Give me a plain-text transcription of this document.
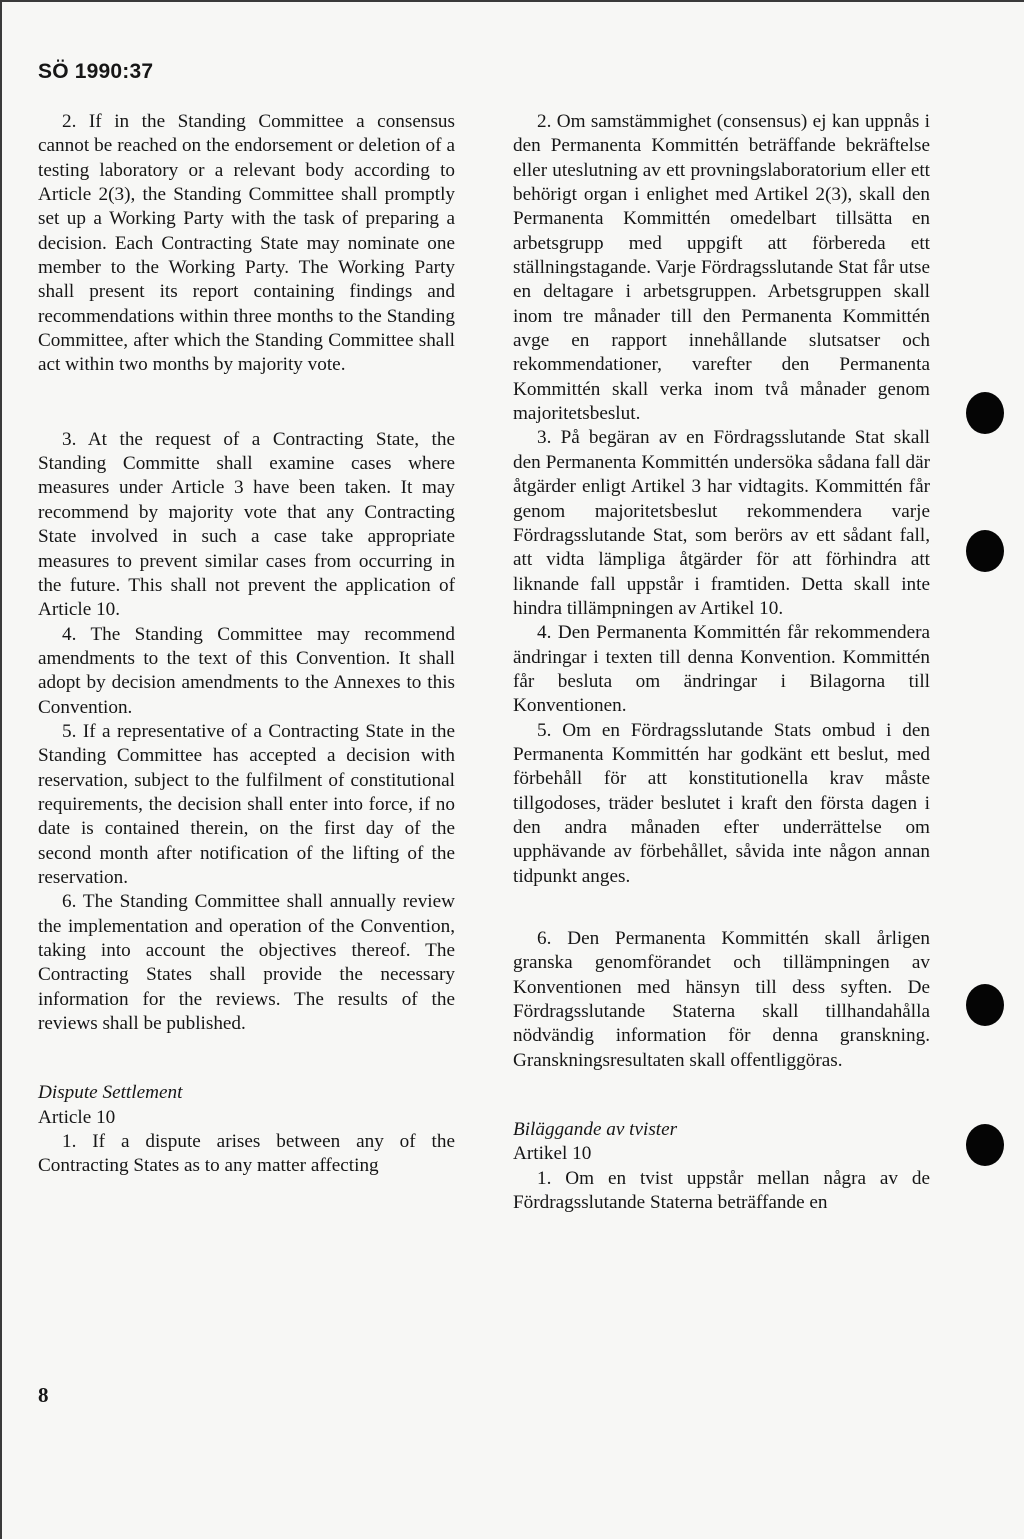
SÖ 1990:37

2. If in the Standing Committee a consensus cannot be reached on the endorsement or deletion of a testing laboratory or a relevant body according to Article 2(3), the Standing Committee shall promptly set up a Working Party with the task of preparing a decision. Each Contracting State may nominate one member to the Working Party. The Working Party shall present its report containing findings and recommendations within three months to the Standing Committee, after which the Standing Committee shall act within two months by majority vote.

3. At the request of a Contracting State, the Standing Committe shall examine cases where measures under Article 3 have been taken. It may recommend by majority vote that any Contracting State involved in such a case take appropriate measures to prevent similar cases from occurring in the future. This shall not prevent the application of Article 10.

4. The Standing Committee may recommend amendments to the text of this Convention. It shall adopt by decision amendments to the Annexes to this Convention.

5. If a representative of a Contracting State in the Standing Committee has accepted a decision with reservation, subject to the fulfilment of constitutional requirements, the decision shall enter into force, if no date is contained therein, on the first day of the second month after notification of the lifting of the reservation.

6. The Standing Committee shall annually review the implementation and operation of the Convention, taking into account the objectives thereof. The Contracting States shall provide the necessary information for the reviews. The results of the reviews shall be published.

Dispute Settlement

Article 10

1. If a dispute arises between any of the Contracting States as to any matter affecting

2. Om samstämmighet (consensus) ej kan uppnås i den Permanenta Kommittén beträffande bekräftelse eller uteslutning av ett provningslaboratorium eller ett behörigt organ i enlighet med Artikel 2(3), skall den Permanenta Kommittén omedelbart tillsätta en arbetsgrupp med uppgift att förbereda ett ställningstagande. Varje Fördragsslutande Stat får utse en deltagare i arbetsgruppen. Arbetsgruppen skall inom tre månader till den Permanenta Kommittén avge en rapport innehållande slutsatser och rekommendationer, varefter den Permanenta Kommittén skall verka inom två månader genom majoritetsbeslut.

3. På begäran av en Fördragsslutande Stat skall den Permanenta Kommittén undersöka sådana fall där åtgärder enligt Artikel 3 har vidtagits. Kommittén får genom majoritetsbeslut rekommendera varje Fördragsslutande Stat, som berörs av ett sådant fall, att vidta lämpliga åtgärder för att förhindra att liknande fall uppstår i framtiden. Detta skall inte hindra tillämpningen av Artikel 10.

4. Den Permanenta Kommittén får rekommendera ändringar i texten till denna Konvention. Kommittén får besluta om ändringar i Bilagorna till Konventionen.

5. Om en Fördragsslutande Stats ombud i den Permanenta Kommittén har godkänt ett beslut, med förbehåll för att konstitutionella krav måste tillgodoses, träder beslutet i kraft den första dagen i den andra månaden efter underrättelse om upphävande av förbehållet, såvida inte någon annan tidpunkt anges.

6. Den Permanenta Kommittén skall årligen granska genomförandet och tillämpningen av Konventionen med hänsyn till dess syften. De Fördragsslutande Staterna skall tillhandahålla nödvändig information för denna granskning. Granskningsresultaten skall offentliggöras.

Biläggande av tvister

Artikel 10

1. Om en tvist uppstår mellan några av de Fördragsslutande Staterna beträffande en

8
